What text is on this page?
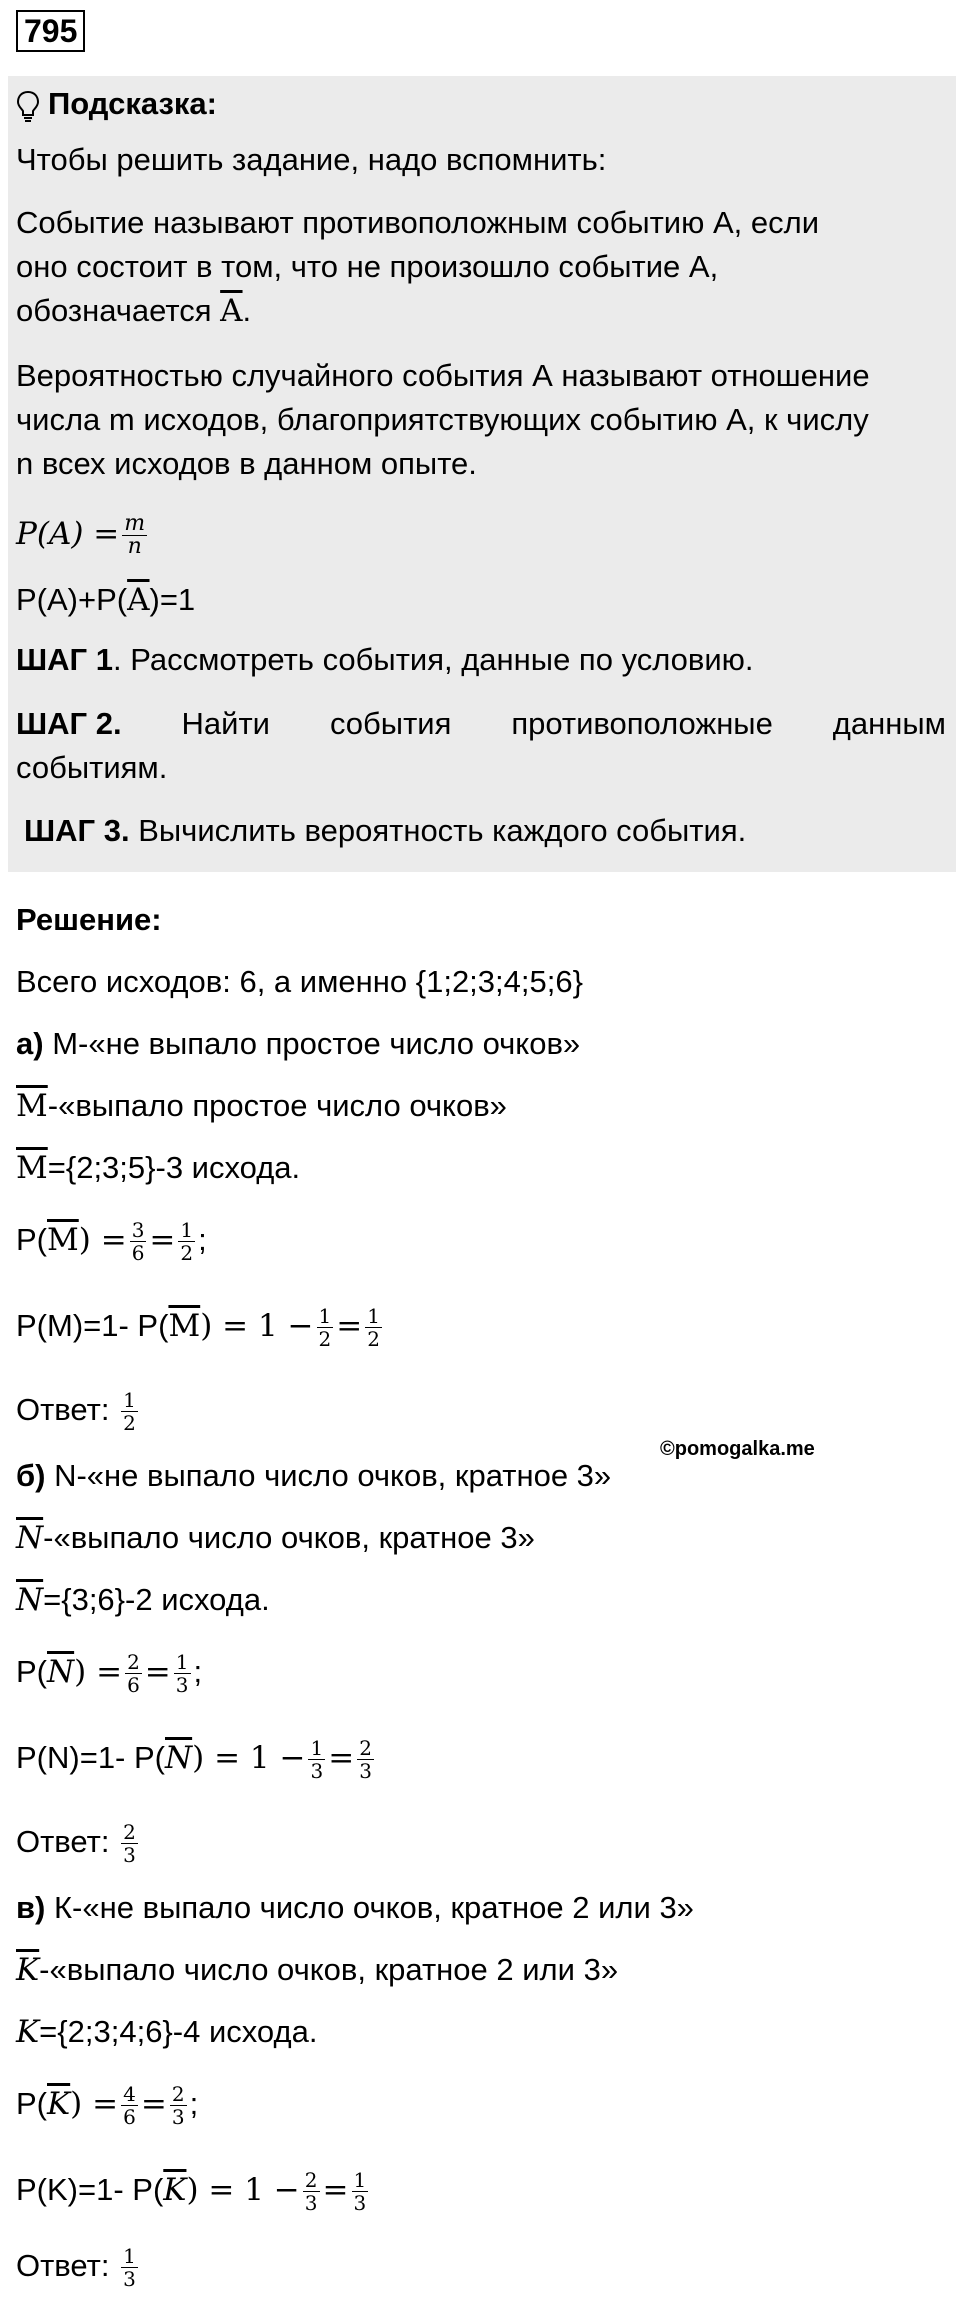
795
Подсказка:
Чтобы решить задание, надо вспомнить:
Событие называют противоположным событию А, если
оно состоит в том, что не произошло событие А,
обозначается $\overline{A}$.
Вероятностью случайного события А называют отношение
числа m исходов, благоприятствующих событию А, к числу
n всех исходов в данном опыте.
$P(A) = \frac{m}{n}$
$P(A)+P(\overline{A})=1$
ШАГ 1. Рассмотреть события, данные по условию.
ШАГ 2. Найти события противоположные данным
событиям.
ШАГ 3. Вычислить вероятность каждого события.
Решение:
Всего исходов: 6, а именно {1;2;3;4;5;6}
а) М-«не выпало простое число очков»
$\overline{M}-«выпало$ простое число очков»
$\overline{M}=\{2;3;5\}-3$ исхода.
$P(\overline{M}) = \frac{3}{6} = \frac{1}{2}$ ;
P(M)=1- $P(\overline{M}) = 1 - \frac{1}{2} = \frac{1}{2}$
Ответ: $\frac{1}{2}$
©pomogalka.me
б) N-«не выпало число очков, кратное 3»
$\overline{N}-«выпало$ число очков, кратное 3»
$\overline{N}=\{3;6\}-2$ исхода.
$P(\overline{N}) = \frac{2}{6} = \frac{1}{3}$ ;
P(N)=1- $P(\overline{N}) = 1 - \frac{1}{3} = \frac{2}{3}$
Ответ: $\frac{2}{3}$
в) К-«не выпало число очков, кратное 2 или 3»
$\overline{K}-«выпало$ число очков, кратное 2 или 3»
K={2;3;4;6}-4 исхода.
$P(\overline{K}) = \frac{4}{6} = \frac{2}{3}$ ;
P(K)=1- $P(\overline{K}) = 1 - \frac{2}{3} = \frac{1}{3}$
Ответ: $\frac{1}{3}$
